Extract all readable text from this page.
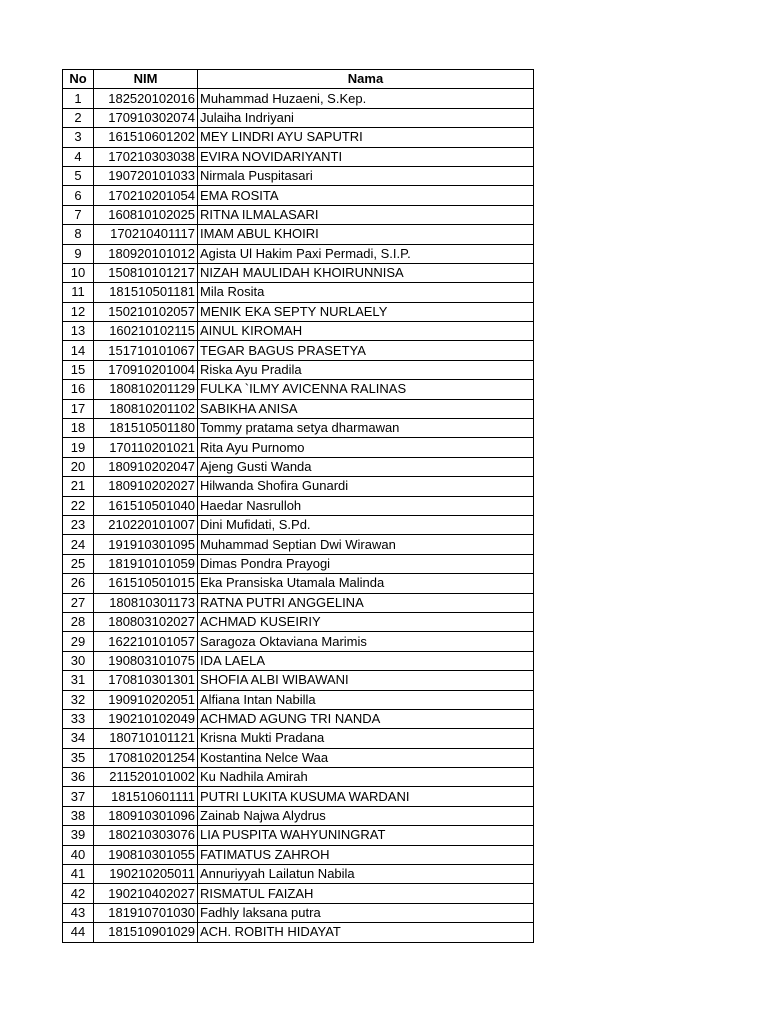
No	NIM	Nama
1	182520102016	Muhammad Huzaeni, S.Kep.
2	170910302074	Julaiha Indriyani
3	161510601202	MEY LINDRI AYU SAPUTRI
4	170210303038	EVIRA NOVIDARIYANTI
5	190720101033	Nirmala Puspitasari
6	170210201054	EMA ROSITA
7	160810102025	RITNA ILMALASARI
8	170210401117	IMAM ABUL KHOIRI
9	180920101012	Agista Ul Hakim Paxi Permadi, S.I.P.
10	150810101217	NIZAH MAULIDAH KHOIRUNNISA
11	181510501181	Mila Rosita
12	150210102057	MENIK EKA SEPTY NURLAELY
13	160210102115	AINUL KIROMAH
14	151710101067	TEGAR BAGUS PRASETYA
15	170910201004	Riska Ayu Pradila
16	180810201129	FULKA `ILMY AVICENNA RALINAS
17	180810201102	SABIKHA ANISA
18	181510501180	Tommy pratama setya dharmawan
19	170110201021	Rita Ayu Purnomo
20	180910202047	Ajeng Gusti Wanda
21	180910202027	Hilwanda Shofira Gunardi
22	161510501040	Haedar Nasrulloh
23	210220101007	Dini Mufidati, S.Pd.
24	191910301095	Muhammad Septian Dwi Wirawan
25	181910101059	Dimas Pondra Prayogi
26	161510501015	Eka Pransiska Utamala Malinda
27	180810301173	RATNA PUTRI ANGGELINA
28	180803102027	ACHMAD KUSEIRIY
29	162210101057	Saragoza Oktaviana Marimis
30	190803101075	IDA LAELA
31	170810301301	SHOFIA ALBI WIBAWANI
32	190910202051	Alfiana Intan Nabilla
33	190210102049	ACHMAD AGUNG TRI NANDA
34	180710101121	Krisna Mukti Pradana
35	170810201254	Kostantina Nelce Waa
36	211520101002	Ku Nadhila Amirah
37	181510601111	PUTRI LUKITA KUSUMA WARDANI
38	180910301096	Zainab Najwa Alydrus
39	180210303076	LIA PUSPITA WAHYUNINGRAT
40	190810301055	FATIMATUS ZAHROH
41	190210205011	Annuriyyah Lailatun Nabila
42	190210402027	RISMATUL FAIZAH
43	181910701030	Fadhly laksana putra
44	181510901029	ACH. ROBITH HIDAYAT
